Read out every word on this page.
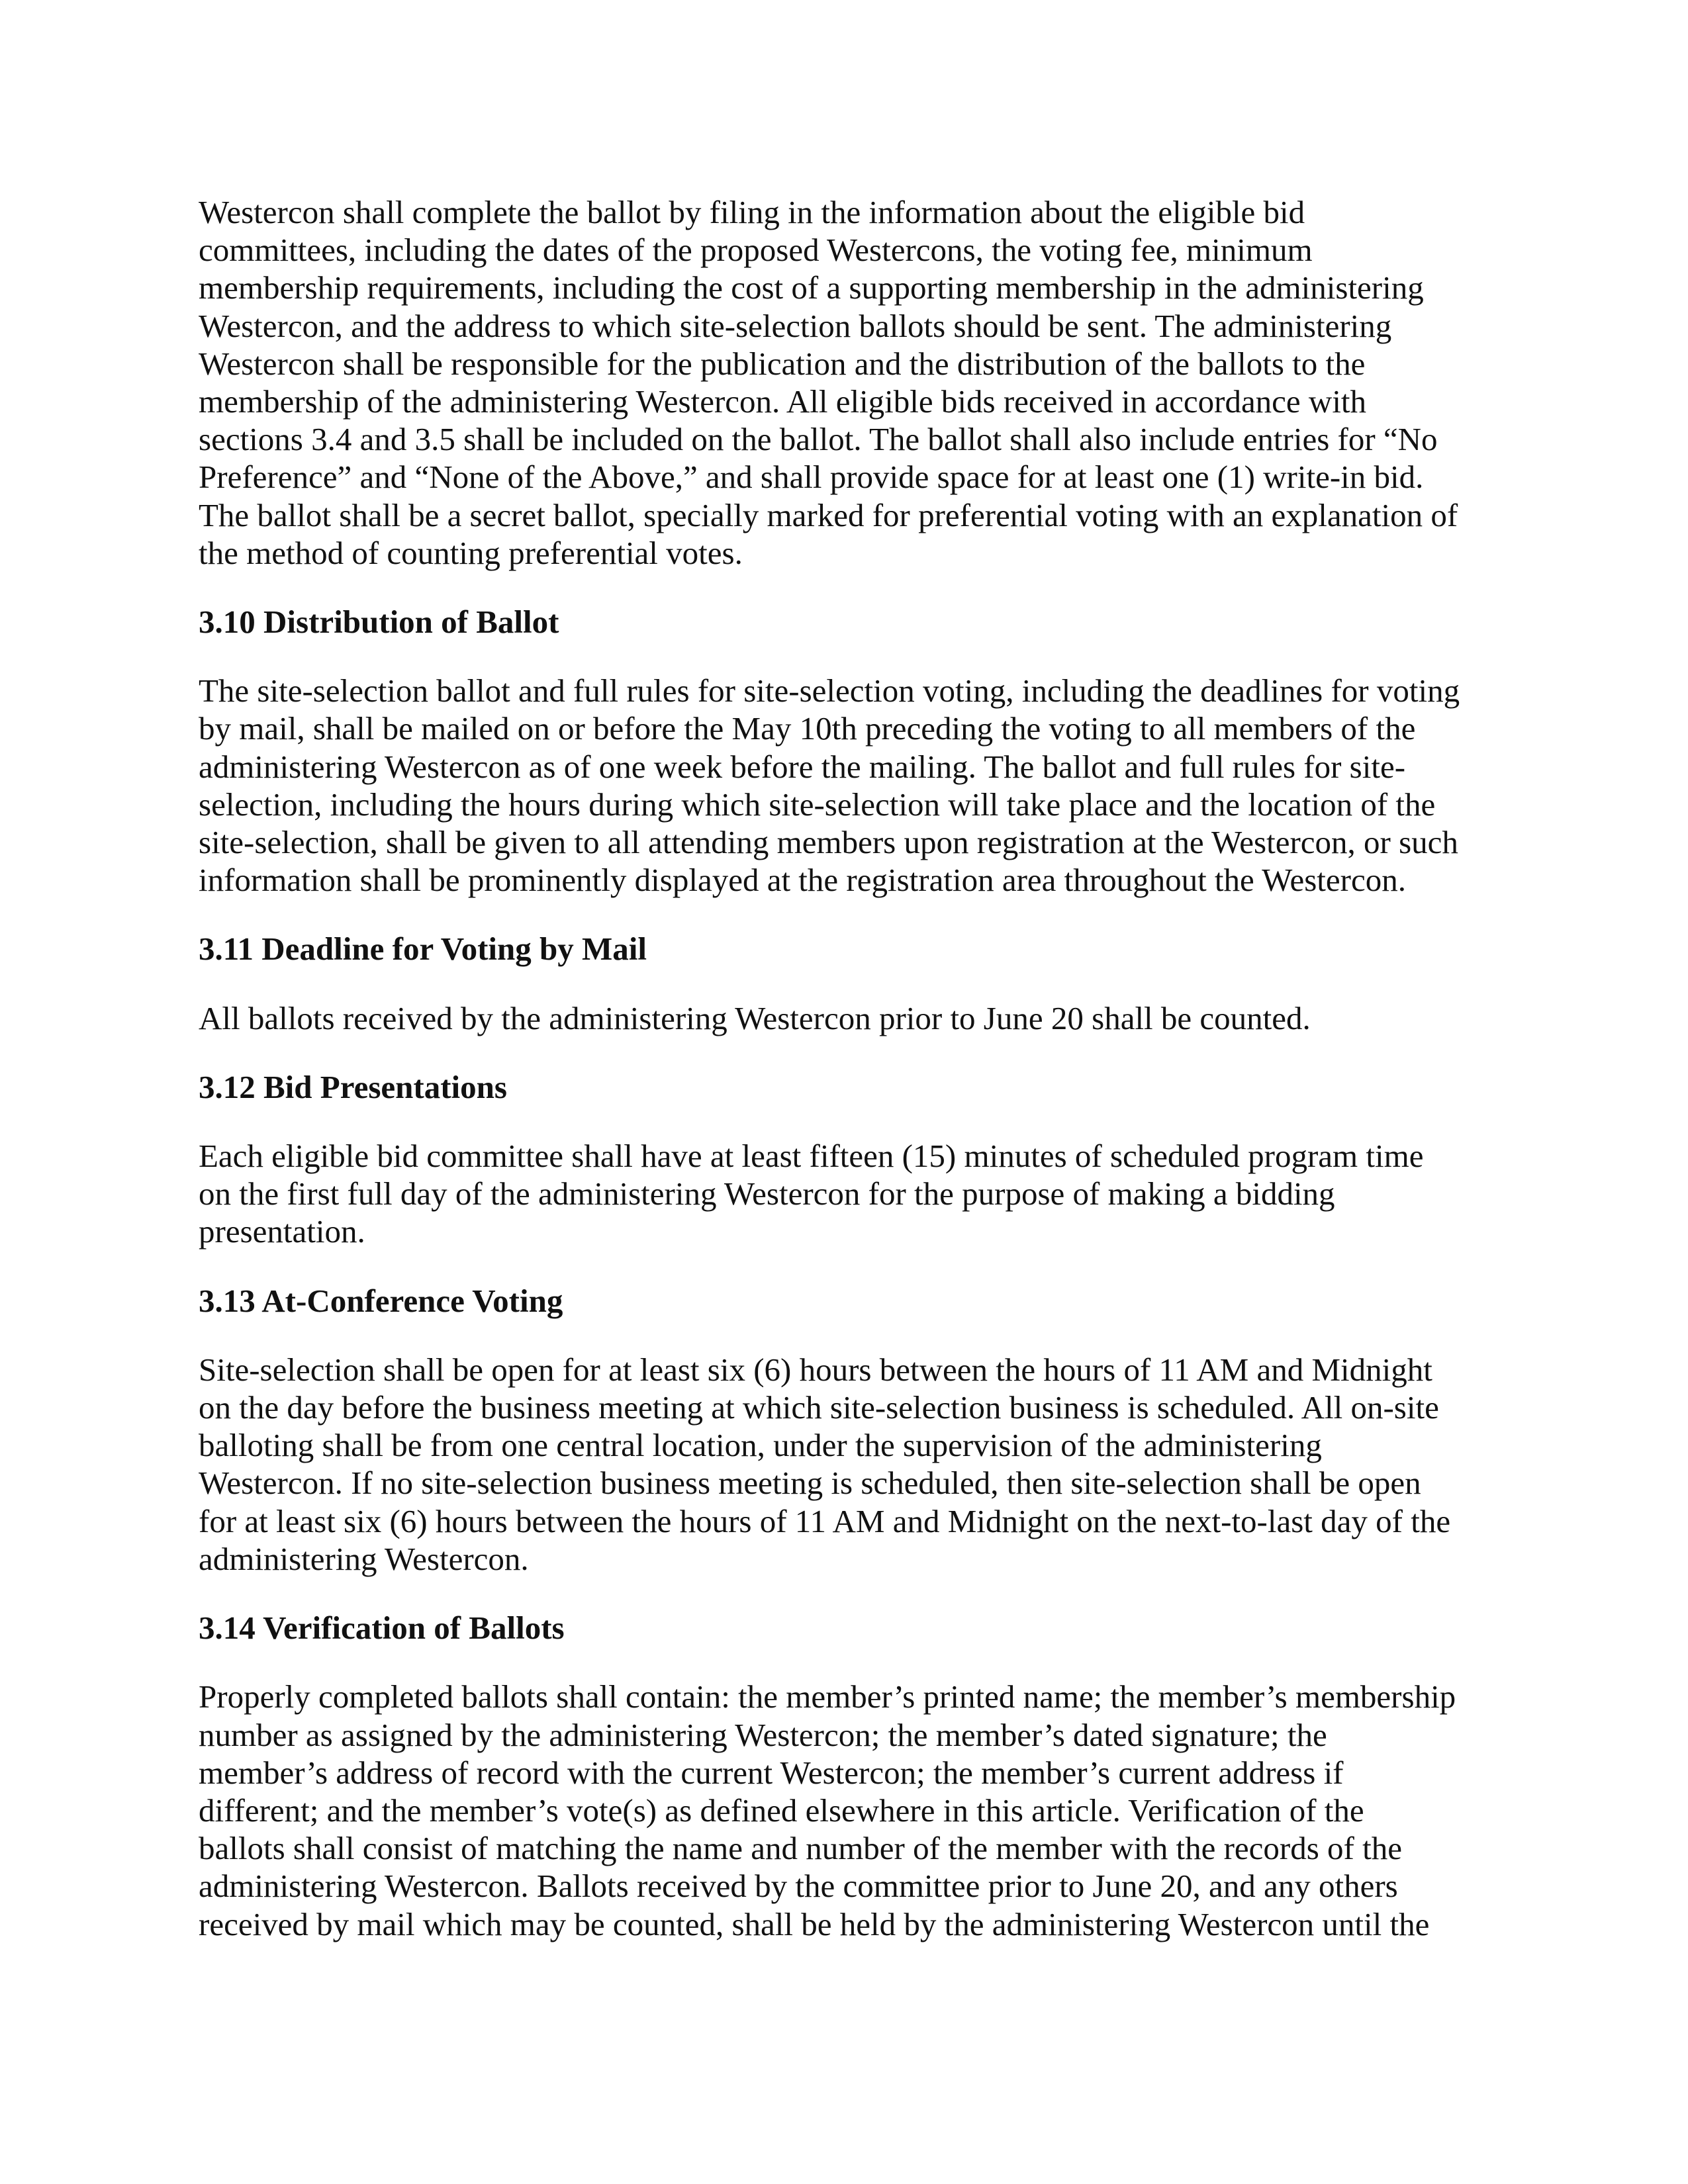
Westercon shall complete the ballot by filing in the information about the eligible bid
committees, including the dates of the proposed Westercons, the voting fee, minimum
membership requirements, including the cost of a supporting membership in the administering
Westercon, and the address to which site-selection ballots should be sent. The administering
Westercon shall be responsible for the publication and the distribution of the ballots to the
membership of the administering Westercon. All eligible bids received in accordance with
sections 3.4 and 3.5 shall be included on the ballot. The ballot shall also include entries for “No
Preference” and “None of the Above,” and shall provide space for at least one (1) write-in bid.
The ballot shall be a secret ballot, specially marked for preferential voting with an explanation of
the method of counting preferential votes.

3.10 Distribution of Ballot

The site-selection ballot and full rules for site-selection voting, including the deadlines for voting
by mail, shall be mailed on or before the May 10th preceding the voting to all members of the
administering Westercon as of one week before the mailing. The ballot and full rules for site-
selection, including the hours during which site-selection will take place and the location of the
site-selection, shall be given to all attending members upon registration at the Westercon, or such
information shall be prominently displayed at the registration area throughout the Westercon.

3.11 Deadline for Voting by Mail

All ballots received by the administering Westercon prior to June 20 shall be counted.

3.12 Bid Presentations

Each eligible bid committee shall have at least fifteen (15) minutes of scheduled program time
on the first full day of the administering Westercon for the purpose of making a bidding
presentation.

3.13 At-Conference Voting

Site-selection shall be open for at least six (6) hours between the hours of 11 AM and Midnight
on the day before the business meeting at which site-selection business is scheduled. All on-site
balloting shall be from one central location, under the supervision of the administering
Westercon. If no site-selection business meeting is scheduled, then site-selection shall be open
for at least six (6) hours between the hours of 11 AM and Midnight on the next-to-last day of the
administering Westercon.

3.14 Verification of Ballots

Properly completed ballots shall contain: the member’s printed name; the member’s membership
number as assigned by the administering Westercon; the member’s dated signature; the
member’s address of record with the current Westercon; the member’s current address if
different; and the member’s vote(s) as defined elsewhere in this article. Verification of the
ballots shall consist of matching the name and number of the member with the records of the
administering Westercon. Ballots received by the committee prior to June 20, and any others
received by mail which may be counted, shall be held by the administering Westercon until the
